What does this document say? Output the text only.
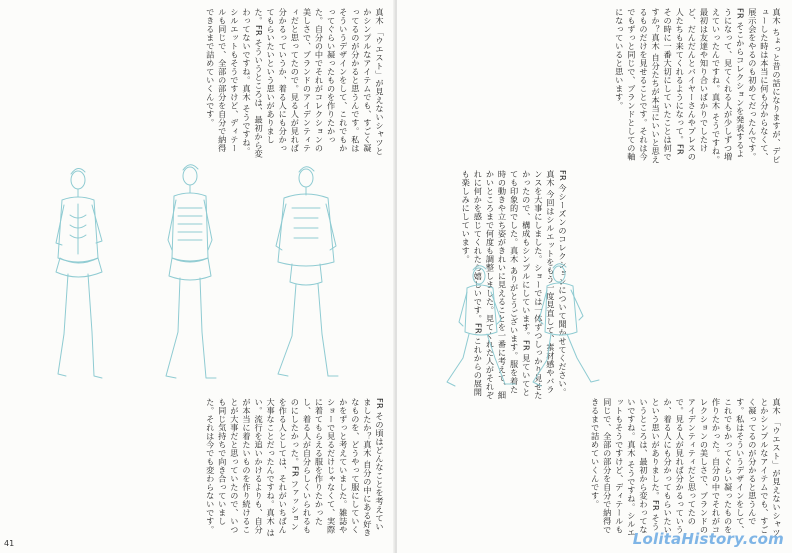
真木 「ウエスト」が見えないシャツとかシンプルなアイテムでも、すごく凝ってるのが分かると思うんです。私はそういうデザインをして、これでもかってぐらい凝ったものを作りたかった。自分の中でそれがコレクションの美しさで、ブランドのアイデンティティだと思ってたので。見る人が見れば分かるっていうか、着る人にも分かってもらいたいという思いがありました。FR そういうところは、最初から変わってないですね。真木 そうですね。シルエットもそうですけど、ディテールも同じで、全部の部分を自分で納得できるまで詰めていくんです。
FR その頃はどんなことを考えていましたか？真木 自分の中にある好きなものを、どうやって服にしていくかをずっと考えていました。雑誌やショーで見るだけじゃなくて、実際に着てもらえる服を作りたかったし、着る人が自分らしくいられるものにしたかった。FR ファッションを作る人としては、それがいちばん大事なことだったんですね。真木 はい。流行を追いかけるよりも、自分が本当に着たいものを作り続けることが大事だと思っていたので、いつも同じ気持ちで向き合っていました。それは今でも変わらないです。
41
真木 ちょっと昔の話になりますが、デビューした時は本当に何も分からなくて、展示会をやるのも初めてだったんです。FR そこからコレクションを発表するようになって、見てくれる人が少しずつ増えていったんですね。真木 そうですね。最初は友達や知り合いばかりでしたけど、だんだんとバイヤーさんやプレスの人たちも来てくれるようになって。FR その時に一番大切にしていたことは何ですか？真木 自分たちが本当にいいと思えるものだけを見せることです。それは今でもずっと同じで、ブランドとしての軸になっていると思います。
FR 今シーズンのコレクションについて聞かせてください。真木 今回はシルエットをもう一度見直して、素材感やバランスを大事にしました。ショーでは一体ずつしっかり見せたかったので、構成もシンプルにしています。FR 見ていてとても印象的でした。真木 ありがとうございます。服を着た時の動きや立ち姿がきれいに見えることを一番に考えて、細かいところまで何度も調整しました。見てくれた人がそれぞれに何かを感じてくれたら嬉しいです。FR これからの展開も楽しみにしています。
真木 「ウエスト」が見えないシャツとかシンプルなアイテムでも、すごく凝ってるのが分かると思うんです。私はそういうデザインをして、これでもかってぐらい凝ったものを作りたかった。自分の中でそれがコレクションの美しさで、ブランドのアイデンティティだと思ってたので。見る人が見れば分かるっていうか、着る人にも分かってもらいたいという思いがありました。FR そういうところは、最初から変わってないですね。真木 そうですね。シルエットもそうですけど、ディテールも同じで、全部の部分を自分で納得できるまで詰めていくんです。
LolitaHistory.com
